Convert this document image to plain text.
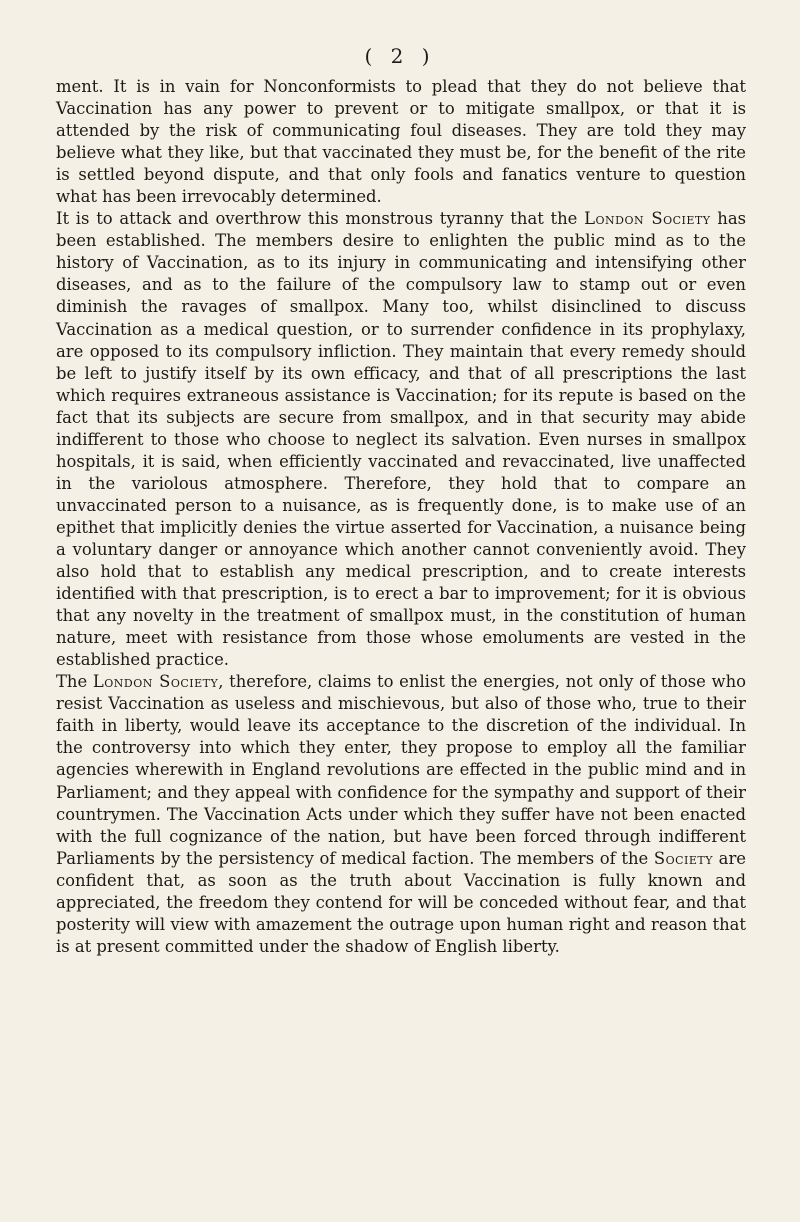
( 2 )

ment. It is in vain for Nonconformists to plead that they do not believe that Vaccination has any power to prevent or to mitigate smallpox, or that it is attended by the risk of communicating foul diseases. They are told they may believe what they like, but that vaccinated they must be, for the benefit of the rite is settled beyond dispute, and that only fools and fanatics venture to question what has been irrevocably determined.

It is to attack and overthrow this monstrous tyranny that the London Society has been established. The members desire to enlighten the public mind as to the history of Vaccination, as to its injury in communicating and intensifying other diseases, and as to the failure of the compulsory law to stamp out or even diminish the ravages of smallpox. Many too, whilst disinclined to discuss Vaccination as a medical question, or to surrender confidence in its prophylaxy, are opposed to its compulsory infliction. They maintain that every remedy should be left to justify itself by its own efficacy, and that of all prescriptions the last which requires extraneous assistance is Vaccination; for its repute is based on the fact that its subjects are secure from smallpox, and in that security may abide indifferent to those who choose to neglect its salvation. Even nurses in smallpox hospitals, it is said, when efficiently vaccinated and revaccinated, live unaffected in the variolous atmosphere. Therefore, they hold that to compare an unvaccinated person to a nuisance, as is frequently done, is to make use of an epithet that implicitly denies the virtue asserted for Vaccination, a nuisance being a voluntary danger or annoyance which another cannot conveniently avoid. They also hold that to establish any medical prescription, and to create interests identified with that prescription, is to erect a bar to improvement; for it is obvious that any novelty in the treatment of smallpox must, in the constitution of human nature, meet with resistance from those whose emoluments are vested in the established practice.

The London Society, therefore, claims to enlist the energies, not only of those who resist Vaccination as useless and mischievous, but also of those who, true to their faith in liberty, would leave its acceptance to the discretion of the individual. In the controversy into which they enter, they propose to employ all the familiar agencies wherewith in England revolutions are effected in the public mind and in Parliament; and they appeal with confidence for the sympathy and support of their countrymen. The Vaccination Acts under which they suffer have not been enacted with the full cognizance of the nation, but have been forced through indifferent Parliaments by the persistency of medical faction. The members of the Society are confident that, as soon as the truth about Vaccination is fully known and appreciated, the freedom they contend for will be conceded without fear, and that posterity will view with amazement the outrage upon human right and reason that is at present committed under the shadow of English liberty.
